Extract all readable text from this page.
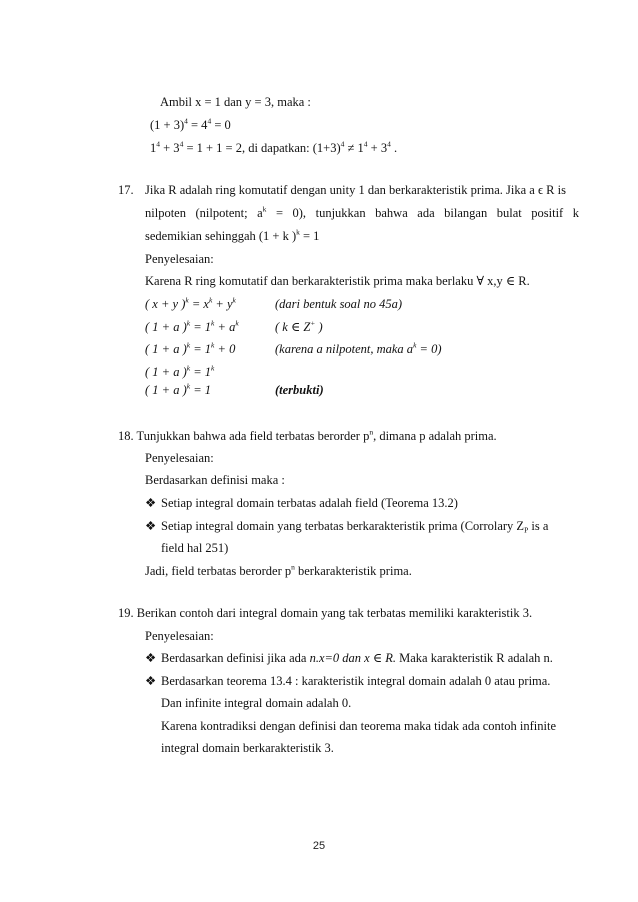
Ambil x = 1 dan y = 3, maka :
$(1 + 3)^4 = 4^4 = 0$
$1^4 + 3^4 = 1 + 1 = 2$, di dapatkan: $(1+3)^4 \ne 1^4 + 3^4$ .
17. Jika R adalah ring komutatif dengan unity 1 dan berkarakteristik prima. Jika a ϵ R is
nilpoten (nilpotent; $a^k = 0$), tunjukkan bahwa ada bilangan bulat positif k
sedemikian sehinggah (1 + k )$^k$ = 1
Penyelesaian:
Karena R ring komutatif dan berkarakteristik prima maka berlaku ∀ x,y ∈ R.
( x + y )$^k = x^k + y^k$	(dari bentuk soal no 45a)
( 1 + a )$^k = 1^k + a^k$	( k ∈ Z+ )
( 1 + a )$^k = 1^k + 0$	(karena a nilpotent, maka $a^k = 0$)
( 1 + a )$^k = 1^k$
( 1 + a )$^k$ = 1	(terbukti)
18. Tunjukkan bahwa ada field terbatas berorder $p^n$, dimana p adalah prima.
Penyelesaian:
Berdasarkan definisi maka :
❖ Setiap integral domain terbatas adalah field (Teorema 13.2)
❖ Setiap integral domain yang terbatas berkarakteristik prima (Corrolary $Z_P$ is a
field hal 251)
Jadi, field terbatas berorder $p^n$ berkarakteristik prima.
19. Berikan contoh dari integral domain yang tak terbatas memiliki karakteristik 3.
Penyelesaian:
❖ Berdasarkan definisi jika ada n.x=0 dan x ∈ R. Maka karakteristik R adalah n.
❖ Berdasarkan teorema 13.4 : karakteristik integral domain adalah 0 atau prima.
Dan infinite integral domain adalah 0.
Karena kontradiksi dengan definisi dan teorema maka tidak ada contoh infinite
integral domain berkarakteristik 3.
25
